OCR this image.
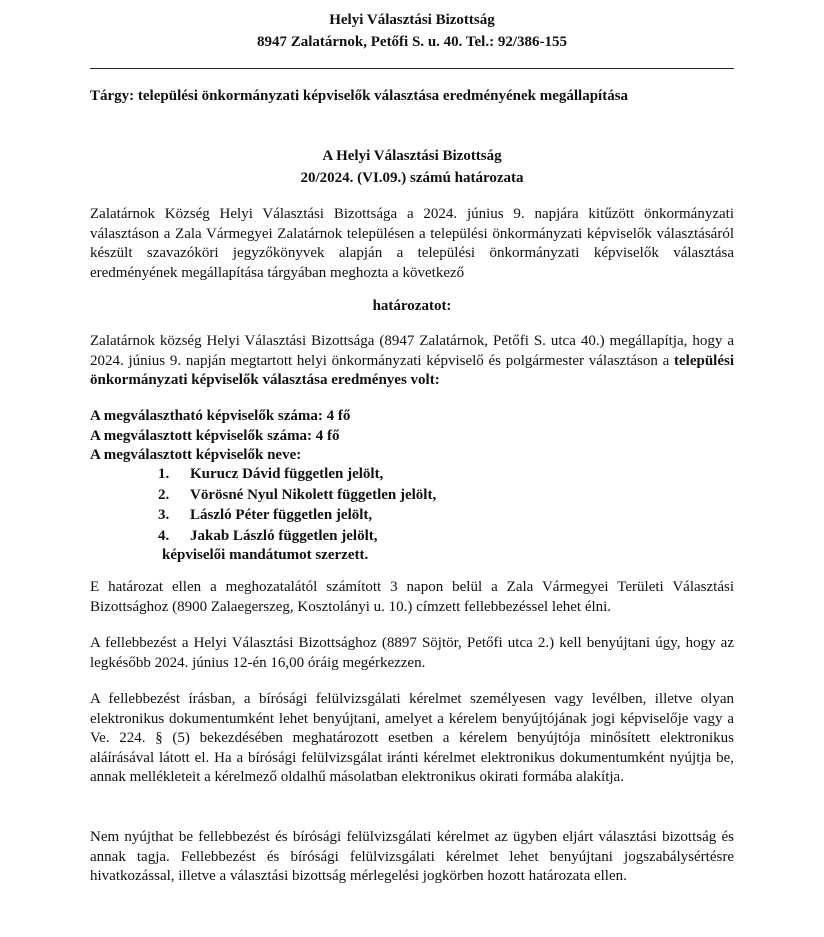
Helyi Választási Bizottság
8947 Zalatárnok, Petőfi S. u. 40. Tel.: 92/386-155
Tárgy: települési önkormányzati képviselők választása eredményének megállapítása
A Helyi Választási Bizottság
20/2024. (VI.09.) számú határozata
Zalatárnok Község Helyi Választási Bizottsága a 2024. június 9. napjára kitűzött önkormányzati választáson a Zala Vármegyei Zalatárnok településen a települési önkormányzati képviselők választásáról készült szavazóköri jegyzőkönyvek alapján a települési önkormányzati képviselők választása eredményének megállapítása tárgyában meghozta a következő
határozatot:
Zalatárnok község Helyi Választási Bizottsága (8947 Zalatárnok, Petőfi S. utca 40.) megállapítja, hogy a 2024. június 9. napján megtartott helyi önkormányzati képviselő és polgármester választáson a települési önkormányzati képviselők választása eredményes volt:
A megválasztható képviselők száma: 4 fő
A megválasztott képviselők száma: 4 fő
A megválasztott képviselők neve:
1. Kurucz Dávid független jelölt,
2. Vörösné Nyul Nikolett független jelölt,
3. László Péter független jelölt,
4. Jakab László független jelölt,
képviselői mandátumot szerzett.
E határozat ellen a meghozatalától számított 3 napon belül a Zala Vármegyei Területi Választási Bizottsághoz (8900 Zalaegerszeg, Kosztolányi u. 10.) címzett fellebbezéssel lehet élni.
A fellebbezést a Helyi Választási Bizottsághoz (8897 Söjtör, Petőfi utca 2.) kell benyújtani úgy, hogy az legkésőbb 2024. június 12-én 16,00 óráig megérkezzen.
A fellebbezést írásban, a bírósági felülvizsgálati kérelmet személyesen vagy levélben, illetve olyan elektronikus dokumentumként lehet benyújtani, amelyet a kérelem benyújtójának jogi képviselője vagy a Ve. 224. § (5) bekezdésében meghatározott esetben a kérelem benyújtója minősített elektronikus aláírásával látott el. Ha a bírósági felülvizsgálat iránti kérelmet elektronikus dokumentumként nyújtja be, annak mellékleteit a kérelmező oldalhű másolatban elektronikus okirati formába alakítja.
Nem nyújthat be fellebbezést és bírósági felülvizsgálati kérelmet az ügyben eljárt választási bizottság és annak tagja. Fellebbezést és bírósági felülvizsgálati kérelmet lehet benyújtani jogszabálysértésre hivatkozással, illetve a választási bizottság mérlegelési jogkörben hozott határozata ellen.
